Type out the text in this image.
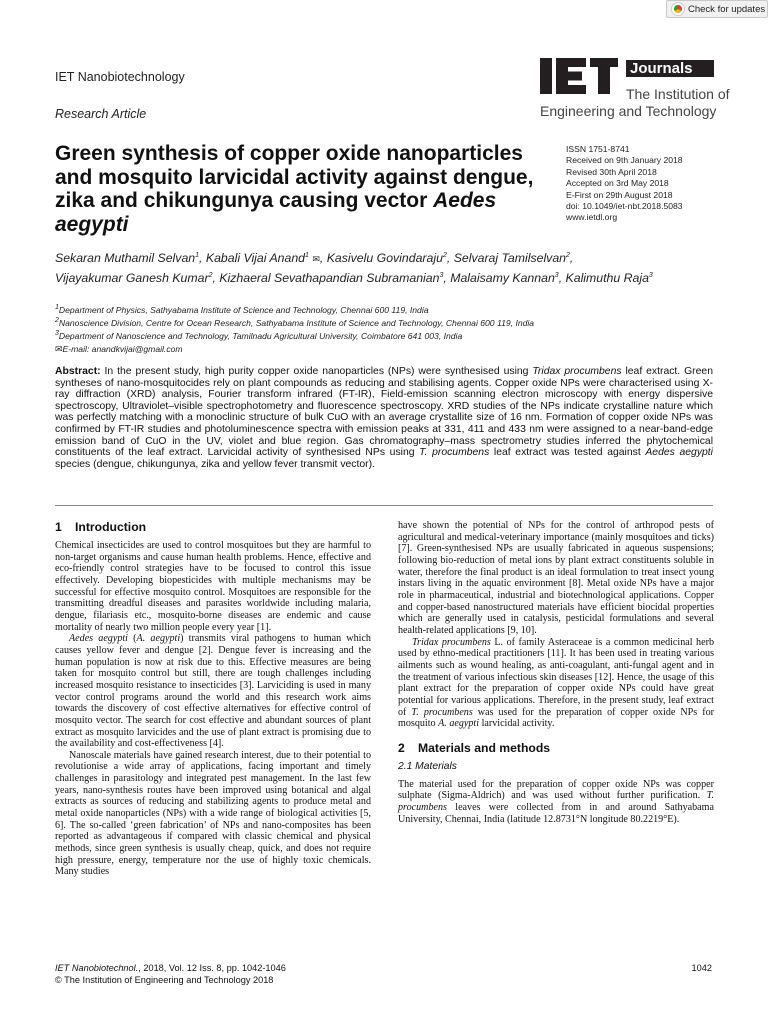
Check for updates
IET Nanobiotechnology
Research Article
Journals
The Institution of
Engineering and Technology
Green synthesis of copper oxide nanoparticles and mosquito larvicidal activity against dengue, zika and chikungunya causing vector Aedes aegypti
ISSN 1751-8741
Received on 9th January 2018
Revised 30th April 2018
Accepted on 3rd May 2018
E-First on 29th August 2018
doi: 10.1049/iet-nbt.2018.5083
www.ietdl.org
Sekaran Muthamil Selvan$^1$, Kabali Vijai Anand$^1$ ✉, Kasivelu Govindaraju$^2$, Selvaraj Tamilselvan$^2$,
Vijayakumar Ganesh Kumar$^2$, Kizhaeral Sevathapandian Subramanian$^3$, Malaisamy Kannan$^3$, Kalimuthu Raja$^3$
$^1$Department of Physics, Sathyabama Institute of Science and Technology, Chennai 600 119, India
$^2$Nanoscience Division, Centre for Ocean Research, Sathyabama Institute of Science and Technology, Chennai 600 119, India
$^3$Department of Nanoscience and Technology, Tamilnadu Agricultural University, Coimbatore 641 003, India
✉E-mail: anandkvijai@gmail.com
Abstract: In the present study, high purity copper oxide nanoparticles (NPs) were synthesised using Tridax procumbens leaf extract. Green syntheses of nano-mosquitocides rely on plant compounds as reducing and stabilising agents. Copper oxide NPs were characterised using X-ray diffraction (XRD) analysis, Fourier transform infrared (FT-IR), Field-emission scanning electron microscopy with energy dispersive spectroscopy, Ultraviolet–visible spectrophotometry and fluorescence spectroscopy. XRD studies of the NPs indicate crystalline nature which was perfectly matching with a monoclinic structure of bulk CuO with an average crystallite size of 16 nm. Formation of copper oxide NPs was confirmed by FT-IR studies and photoluminescence spectra with emission peaks at 331, 411 and 433 nm were assigned to a near-band-edge emission band of CuO in the UV, violet and blue region. Gas chromatography–mass spectrometry studies inferred the phytochemical constituents of the leaf extract. Larvicidal activity of synthesised NPs using T. procumbens leaf extract was tested against Aedes aegypti species (dengue, chikungunya, zika and yellow fever transmit vector).
1 Introduction

Chemical insecticides are used to control mosquitoes but they are harmful to non-target organisms and cause human health problems. Hence, effective and eco-friendly control strategies have to be focused to control this issue effectively. Developing biopesticides with multiple mechanisms may be successful for effective mosquito control. Mosquitoes are responsible for the transmitting dreadful diseases and parasites worldwide including malaria, dengue, filariasis etc., mosquito-borne diseases are endemic and cause mortality of nearly two million people every year [1].

Aedes aegypti (A. aegypti) transmits viral pathogens to human which causes yellow fever and dengue [2]. Dengue fever is increasing and the human population is now at risk due to this. Effective measures are being taken for mosquito control but still, there are tough challenges including increased mosquito resistance to insecticides [3]. Larviciding is used in many vector control programs around the world and this research work aims towards the discovery of cost effective alternatives for effective control of mosquito vector. The search for cost effective and abundant sources of plant extract as mosquito larvicides and the use of plant extract is promising due to the availability and cost-effectiveness [4].

Nanoscale materials have gained research interest, due to their potential to revolutionise a wide array of applications, facing important and timely challenges in parasitology and integrated pest management. In the last few years, nano-synthesis routes have been improved using botanical and algal extracts as sources of reducing and stabilizing agents to produce metal and metal oxide nanoparticles (NPs) with a wide range of biological activities [5, 6]. The so-called ‘green fabrication’ of NPs and nano-composites has been reported as advantageous if compared with classic chemical and physical methods, since green synthesis is usually cheap, quick, and does not require high pressure, energy, temperature nor the use of highly toxic chemicals. Many studies

have shown the potential of NPs for the control of arthropod pests of agricultural and medical-veterinary importance (mainly mosquitoes and ticks) [7]. Green-synthesised NPs are usually fabricated in aqueous suspensions; following bio-reduction of metal ions by plant extract constituents soluble in water, therefore the final product is an ideal formulation to treat insect young instars living in the aquatic environment [8]. Metal oxide NPs have a major role in pharmaceutical, industrial and biotechnological applications. Copper and copper-based nanostructured materials have efficient biocidal properties which are generally used in catalysis, pesticidal formulations and several health-related applications [9, 10].

Tridax procumbens L. of family Asteraceae is a common medicinal herb used by ethno-medical practitioners [11]. It has been used in treating various ailments such as wound healing, as anti-coagulant, anti-fungal agent and in the treatment of various infectious skin diseases [12]. Hence, the usage of this plant extract for the preparation of copper oxide NPs could have great potential for various applications. Therefore, in the present study, leaf extract of T. procumbens was used for the preparation of copper oxide NPs for mosquito A. aegypti larvicidal activity.

2 Materials and methods
2.1 Materials

The material used for the preparation of copper oxide NPs was copper sulphate (Sigma-Aldrich) and was used without further purification. T. procumbens leaves were collected from in and around Sathyabama University, Chennai, India (latitude 12.8731°N longitude 80.2219°E).

IET Nanobiotechnol., 2018, Vol. 12 Iss. 8, pp. 1042-1046
© The Institution of Engineering and Technology 2018
1042
